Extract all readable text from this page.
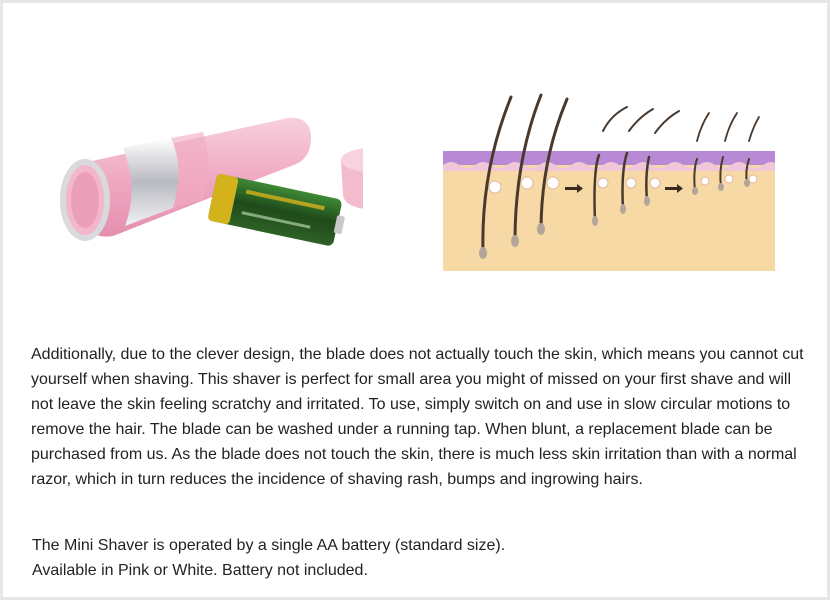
Additionally, due to the clever design, the blade does not actually touch the skin, which means you cannot cut yourself when shaving. This shaver is perfect for small area you might of missed on your first shave and will not leave the skin feeling scratchy and irritated. To use, simply switch on and use in slow circular motions to remove the hair. The blade can be washed under a running tap. When blunt, a replacement blade can be purchased from us. As the blade does not touch the skin, there is much less skin irritation than with a normal razor, which in turn reduces the incidence of shaving rash, bumps and ingrowing hairs.

The Mini Shaver is operated by a single AA battery (standard size).
Available in Pink or White. Battery not included.
